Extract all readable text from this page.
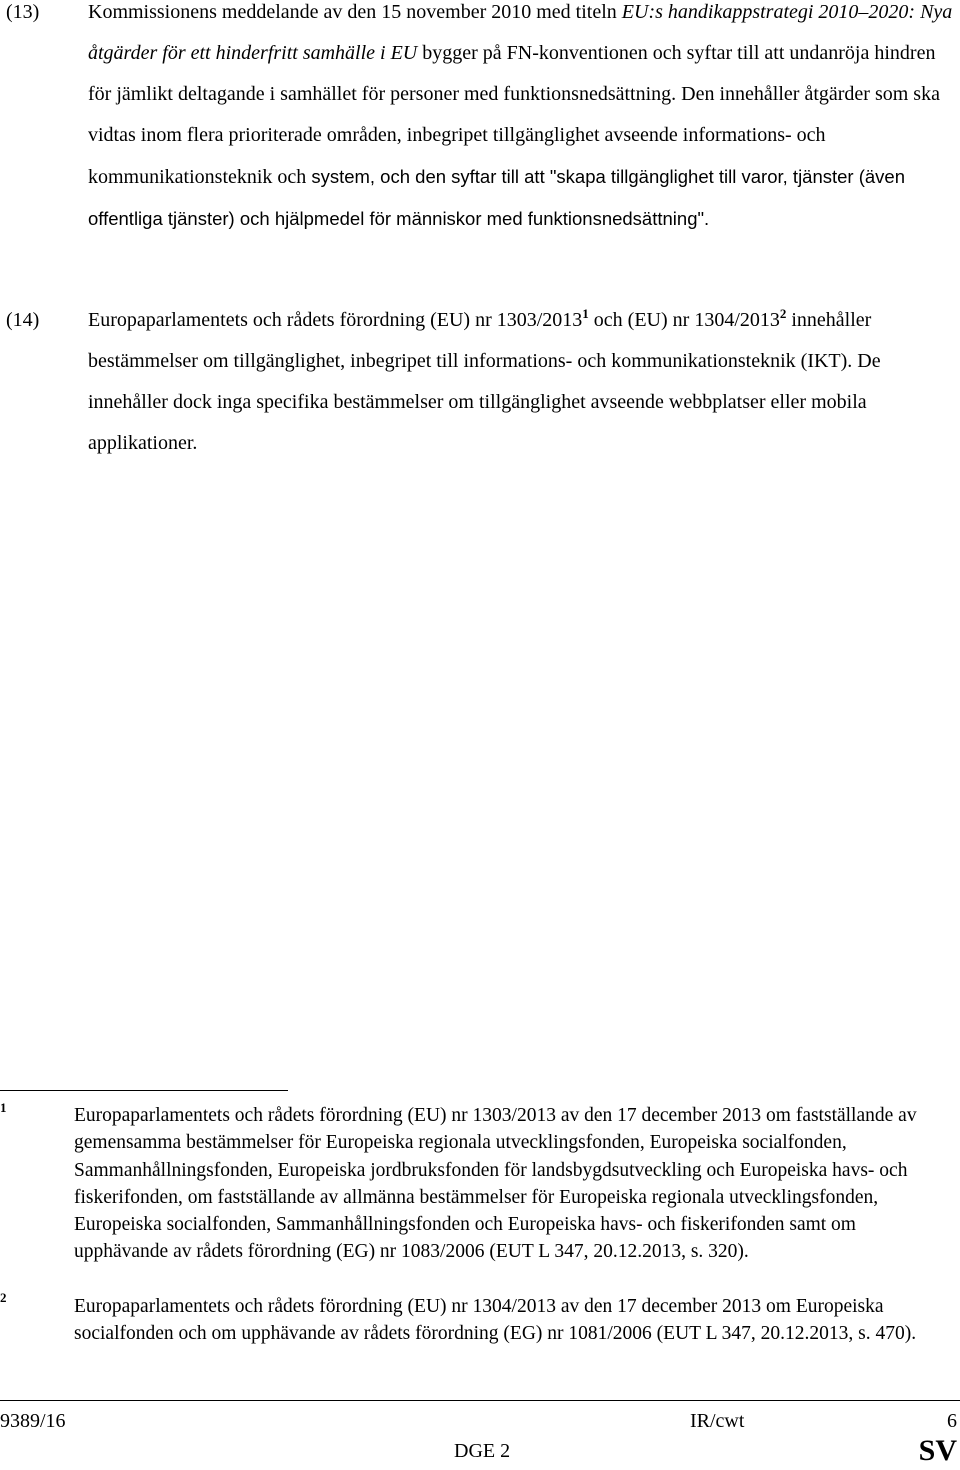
(13) Kommissionens meddelande av den 15 november 2010 med titeln EU:s handikappstrategi 2010–2020: Nya åtgärder för ett hinderfritt samhälle i EU bygger på FN-konventionen och syftar till att undanröja hindren för jämlikt deltagande i samhället för personer med funktionsnedsättning. Den innehåller åtgärder som ska vidtas inom flera prioriterade områden, inbegripet tillgänglighet avseende informations- och kommunikationsteknik och system, och den syftar till att "skapa tillgänglighet till varor, tjänster (även offentliga tjänster) och hjälpmedel för människor med funktionsnedsättning".
(14) Europaparlamentets och rådets förordning (EU) nr 1303/2013$^1$ och (EU) nr 1304/2013$^2$ innehåller bestämmelser om tillgänglighet, inbegripet till informations- och kommunikationsteknik (IKT). De innehåller dock inga specifika bestämmelser om tillgänglighet avseende webbplatser eller mobila applikationer.
1	Europaparlamentets och rådets förordning (EU) nr 1303/2013 av den 17 december 2013 om fastställande av gemensamma bestämmelser för Europeiska regionala utvecklingsfonden, Europeiska socialfonden, Sammanhållningsfonden, Europeiska jordbruksfonden för landsbygdsutveckling och Europeiska havs- och fiskerifonden, om fastställande av allmänna bestämmelser för Europeiska regionala utvecklingsfonden, Europeiska socialfonden, Sammanhållningsfonden och Europeiska havs- och fiskerifonden samt om upphävande av rådets förordning (EG) nr 1083/2006 (EUT L 347, 20.12.2013, s. 320).
2	Europaparlamentets och rådets förordning (EU) nr 1304/2013 av den 17 december 2013 om Europeiska socialfonden och om upphävande av rådets förordning (EG) nr 1081/2006 (EUT L 347, 20.12.2013, s. 470).
9389/16	IR/cwt	6
DGE 2	SV
